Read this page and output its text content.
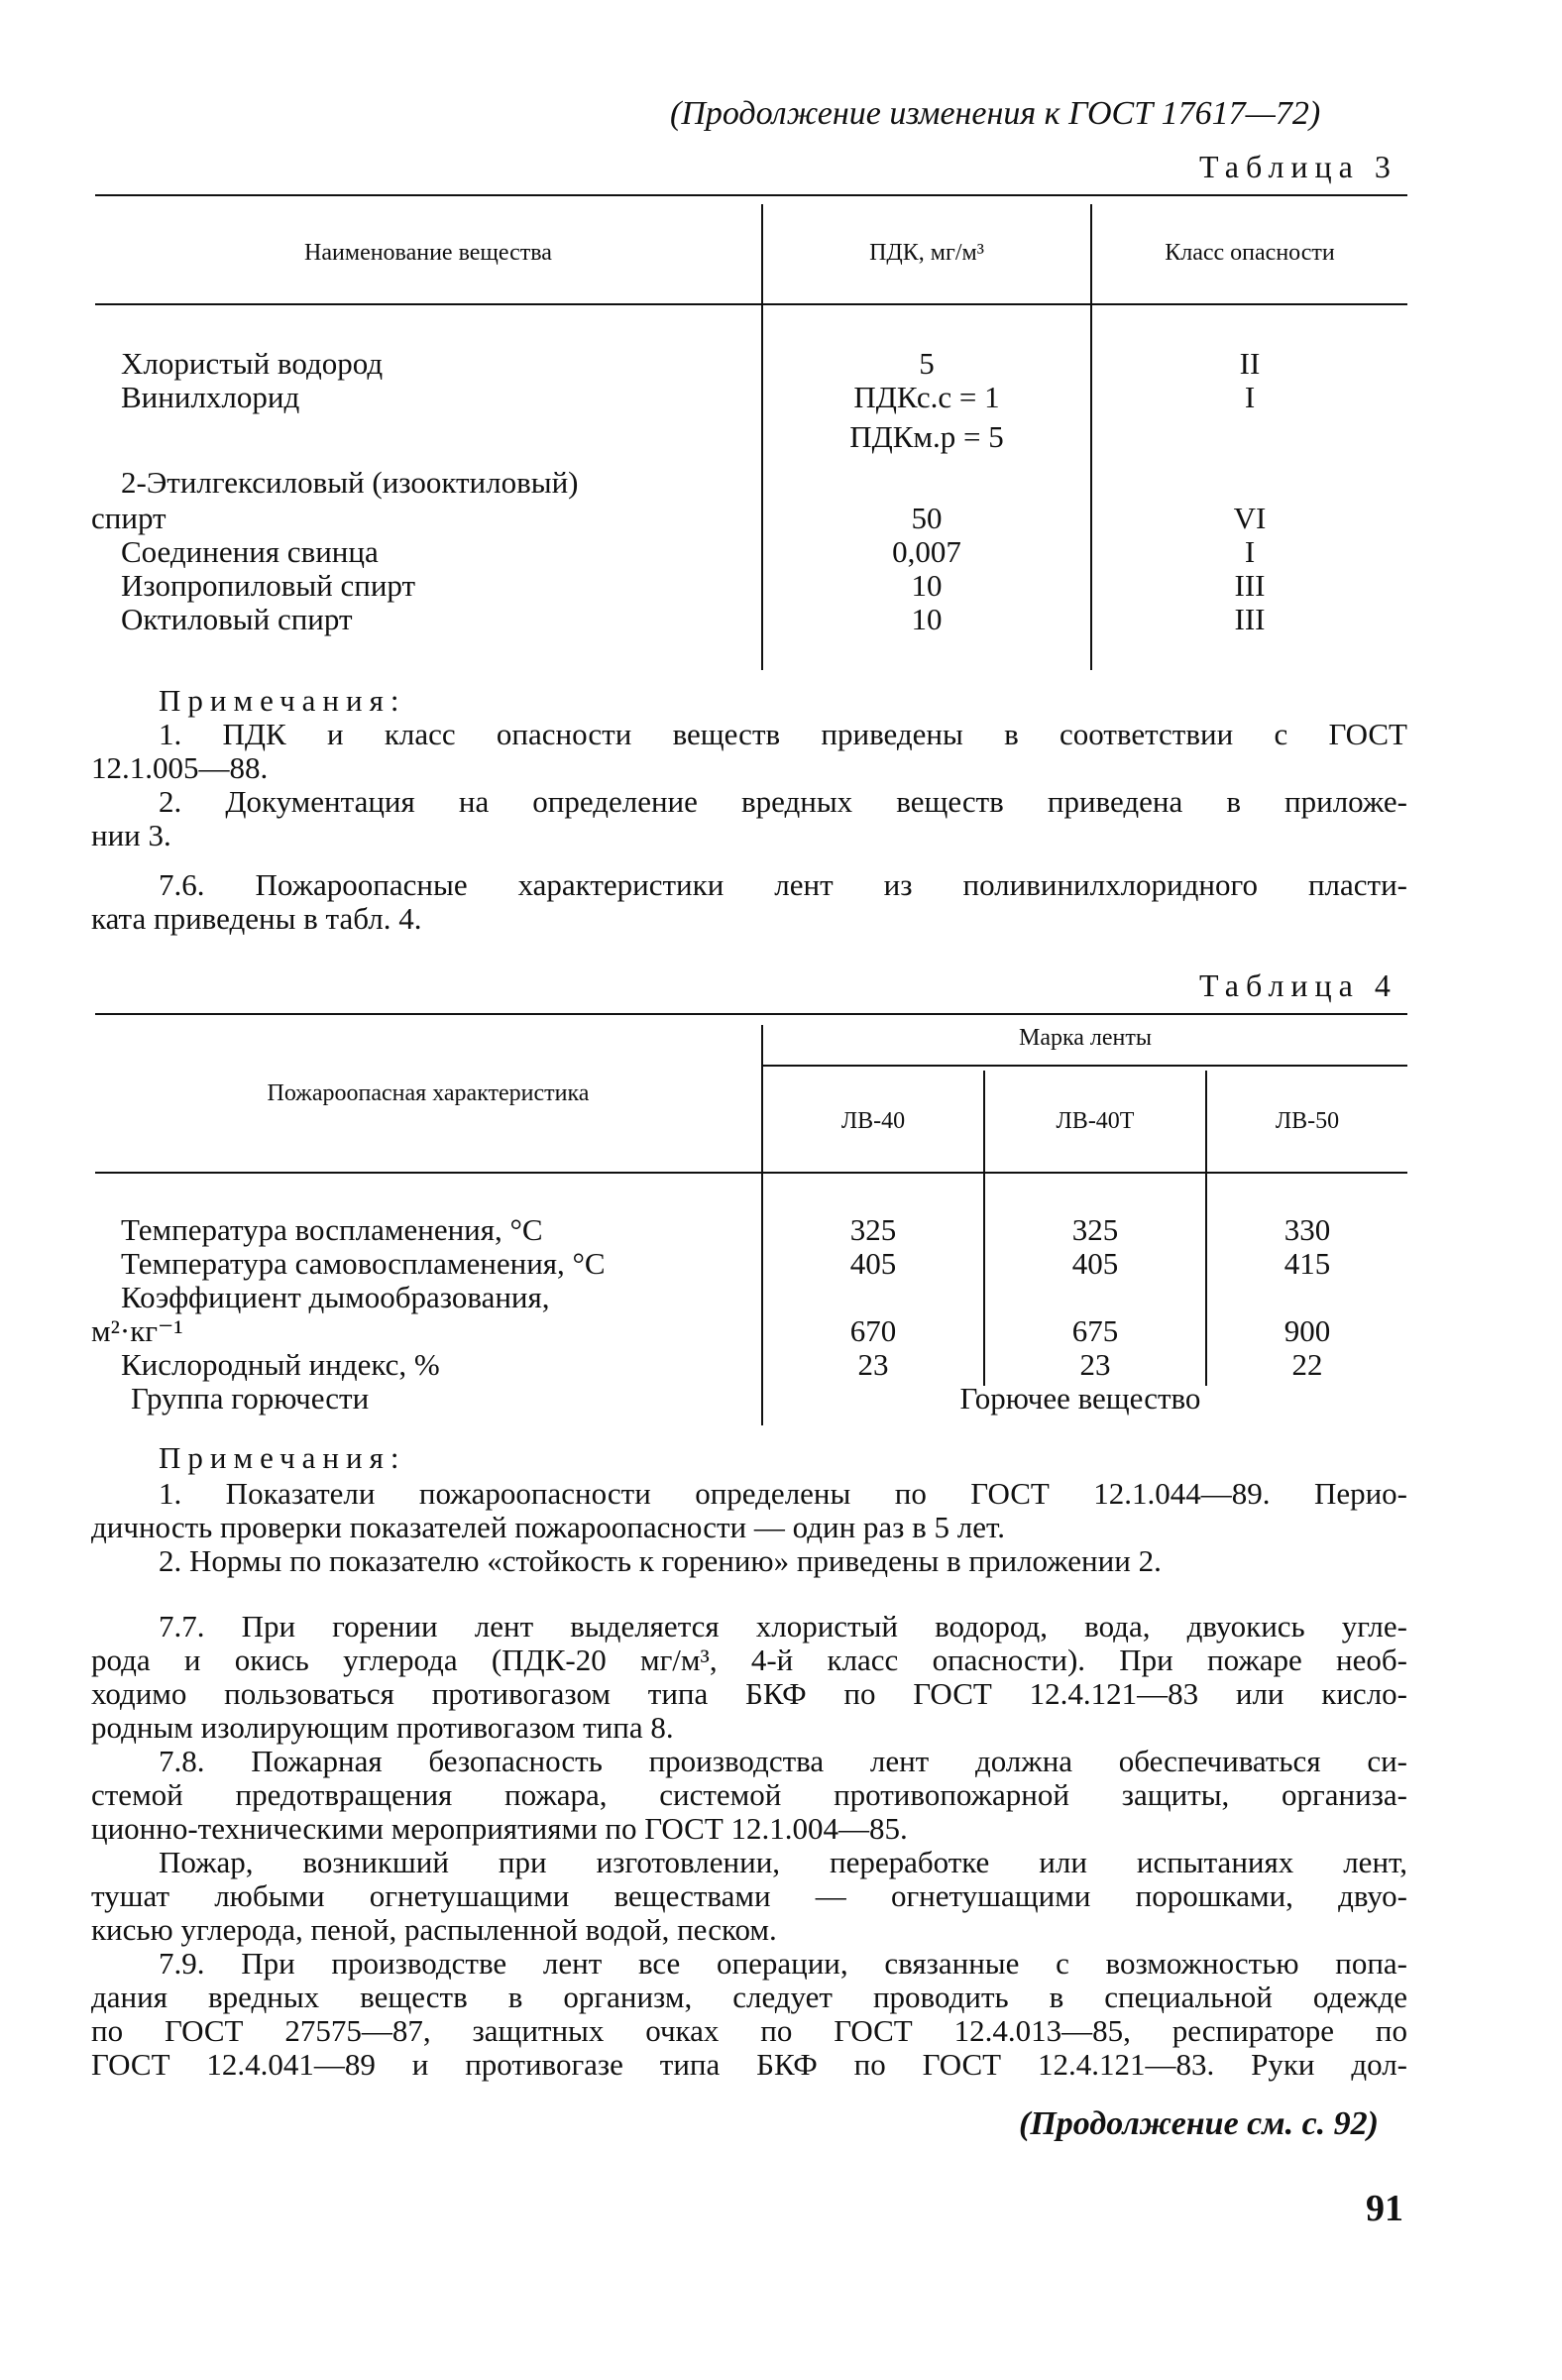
(Продолжение изменения к ГОСТ 17617—72)
Таблица 3
Наименование вещества	ПДК, мг/м³	Класс опасности
Хлористый водород	5	II
Винилхлорид	ПДКс.с = 1	I
ПДКм.р = 5
2-Этилгексиловый (изооктиловый)
спирт	50	VI
Соединения свинца	0,007	I
Изопропиловый спирт	10	III
Октиловый спирт	10	III
Примечания:
1. ПДК и класс опасности веществ приведены в соответствии с ГОСТ
12.1.005—88.
2. Документация на определение вредных веществ приведена в приложе-
нии 3.
7.6. Пожароопасные характеристики лент из поливинилхлоридного пласти-
ката приведены в табл. 4.
Таблица 4
Пожароопасная характеристика
Марка ленты
ЛВ-40	ЛВ-40Т	ЛВ-50
Температура воспламенения, °С	325	325	330
Температура самовоспламенения, °С	405	405	415
Коэффициент дымообразования,
м²·кг⁻¹	670	675	900
Кислородный индекс, %	23	23	22
Группа горючести	Горючее вещество
Примечания:
1. Показатели пожароопасности определены по ГОСТ 12.1.044—89. Перио-
дичность проверки показателей пожароопасности — один раз в 5 лет.
2. Нормы по показателю «стойкость к горению» приведены в приложении 2.
7.7. При горении лент выделяется хлористый водород, вода, двуокись угле-
рода и окись углерода (ПДК-20 мг/м³, 4-й класс опасности). При пожаре необ-
ходимо пользоваться противогазом типа БКФ по ГОСТ 12.4.121—83 или кисло-
родным изолирующим противогазом типа 8.
7.8. Пожарная безопасность производства лент должна обеспечиваться си-
стемой предотвращения пожара, системой противопожарной защиты, организа-
ционно-техническими мероприятиями по ГОСТ 12.1.004—85.
Пожар, возникший при изготовлении, переработке или испытаниях лент,
тушат любыми огнетушащими веществами — огнетушащими порошками, двуо-
кисью углерода, пеной, распыленной водой, песком.
7.9. При производстве лент все операции, связанные с возможностью попа-
дания вредных веществ в организм, следует проводить в специальной одежде
по ГОСТ 27575—87, защитных очках по ГОСТ 12.4.013—85, респираторе по
ГОСТ 12.4.041—89 и противогазе типа БКФ по ГОСТ 12.4.121—83. Руки дол-
(Продолжение см. с. 92)
91
